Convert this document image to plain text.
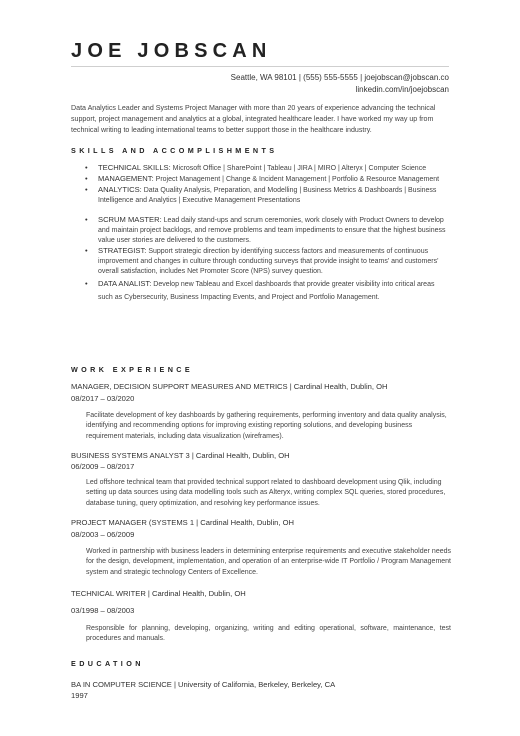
JOE JOBSCAN
Seattle, WA 98101 | (555) 555-5555 | joejobscan@jobscan.co
linkedin.com/in/joejobscan
Data Analytics Leader and Systems Project Manager with more than 20 years of experience advancing the technical support, project management and analytics at a global, integrated healthcare leader. I have worked my way up from technical writing to leading international teams to better support those in the healthcare industry.
SKILLS AND ACCOMPLISHMENTS
• TECHNICAL SKILLS: Microsoft Office | SharePoint | Tableau | JIRA | MIRO | Alteryx | Computer Science
• MANAGEMENT: Project Management | Change & Incident Management | Portfolio & Resource Management
• ANALYTICS: Data Quality Analysis, Preparation, and Modelling | Business Metrics & Dashboards | Business Intelligence and Analytics | Executive Management Presentations
• SCRUM MASTER: Lead daily stand-ups and scrum ceremonies, work closely with Product Owners to develop and maintain project backlogs, and remove problems and team impediments to ensure that the highest business value user stories are delivered to the customers.
• STRATEGIST: Support strategic direction by identifying success factors and measurements of continuous improvement and changes in culture through conducting surveys that provide insight to teams' and customers' overall satisfaction, includes Net Promoter Score (NPS) survey question.
• DATA ANALIST: Develop new Tableau and Excel dashboards that provide greater visibility into critical areas such as Cybersecurity, Business Impacting Events, and Project and Portfolio Management.
WORK EXPERIENCE
MANAGER, DECISION SUPPORT MEASURES AND METRICS | Cardinal Health, Dublin, OH
08/2017 – 03/2020
Facilitate development of key dashboards by gathering requirements, performing inventory and data quality analysis, identifying and recommending options for improving existing reporting solutions, and developing business requirement materials, including data visualization (wireframes).
BUSINESS SYSTEMS ANALYST 3 | Cardinal Health, Dublin, OH
06/2009 – 08/2017
Led offshore technical team that provided technical support related to dashboard development using Qlik, including setting up data sources using data modelling tools such as Alteryx, writing complex SQL queries, stored procedures, database tuning, query optimization, and resolving key performance issues.
PROJECT MANAGER (SYSTEMS 1 | Cardinal Health, Dublin, OH
08/2003 – 06/2009
Worked in partnership with business leaders in determining enterprise requirements and executive stakeholder needs for the design, development, implementation, and operation of an enterprise-wide IT Portfolio / Program Management system and strategic technology Centers of Excellence.
TECHNICAL WRITER | Cardinal Health, Dublin, OH
03/1998 – 08/2003
Responsible for planning, developing, organizing, writing and editing operational, software, maintenance, test procedures and manuals.
EDUCATION
BA IN COMPUTER SCIENCE | University of California, Berkeley, Berkeley, CA
1997
